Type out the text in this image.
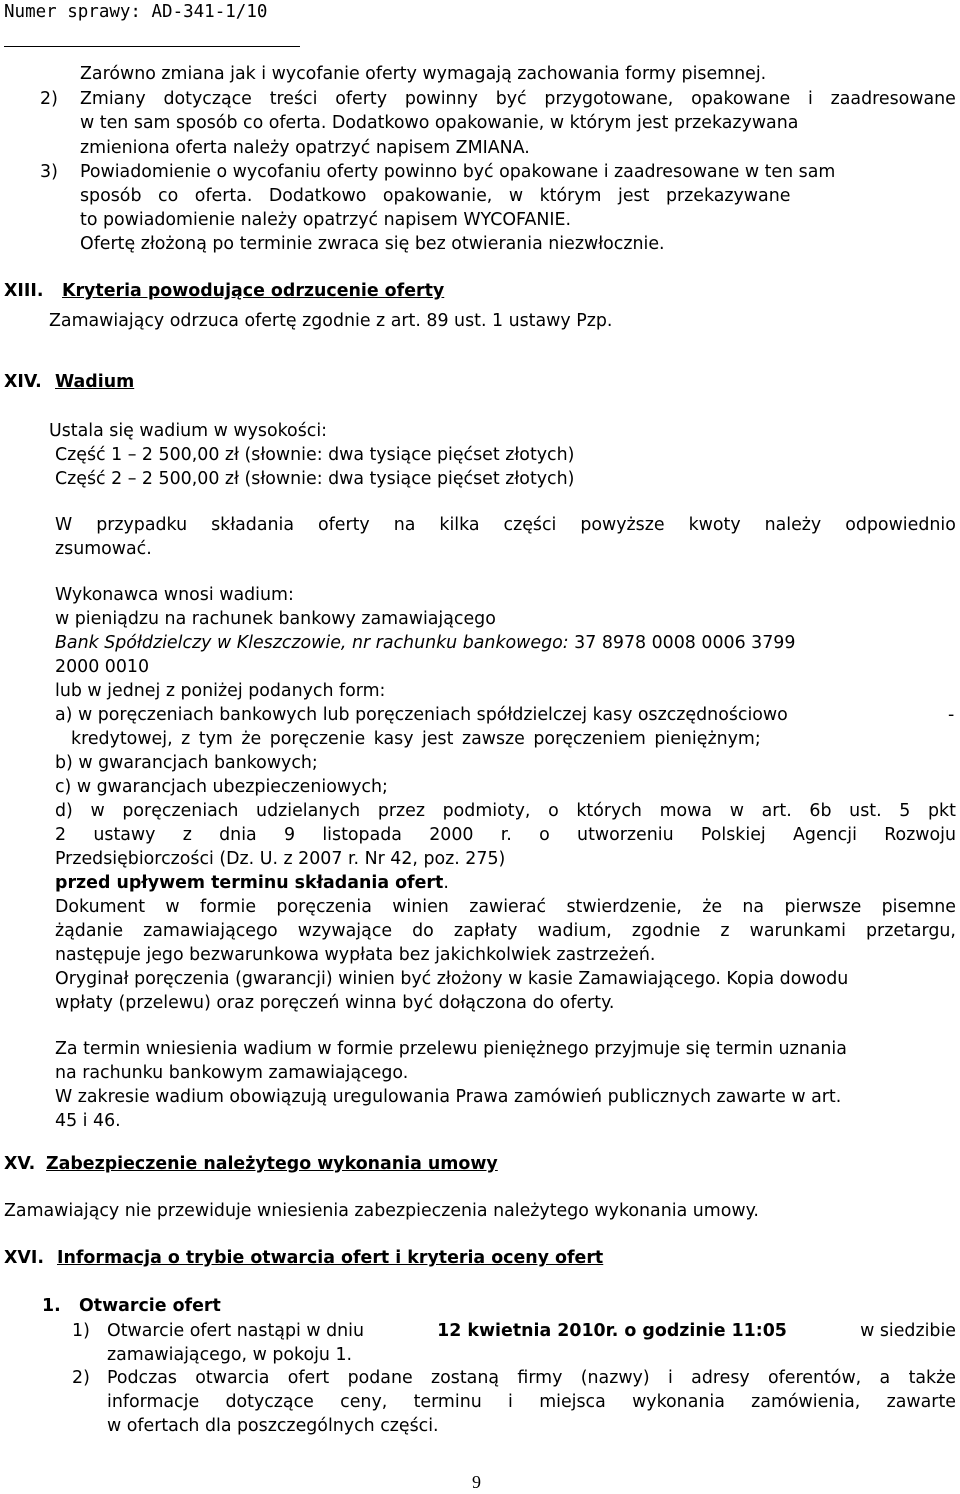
Numer sprawy: AD-341-1/10
Zarówno zmiana jak i wycofanie oferty wymagają zachowania formy pisemnej.
2) Zmiany dotyczące treści oferty powinny być przygotowane, opakowane i zaadresowane
w ten sam sposób co oferta. Dodatkowo opakowanie, w którym jest przekazywana
zmieniona oferta należy opatrzyć napisem ZMIANA.
3) Powiadomienie o wycofaniu oferty powinno być opakowane i zaadresowane w ten sam
sposób co oferta. Dodatkowo opakowanie, w którym jest przekazywane
to powiadomienie należy opatrzyć napisem WYCOFANIE.
Ofertę złożoną po terminie zwraca się bez otwierania niezwłocznie.
XIII. Kryteria powodujące odrzucenie oferty
Zamawiający odrzuca ofertę zgodnie z art. 89 ust. 1 ustawy Pzp.
XIV. Wadium
Ustala się wadium w wysokości:
Część 1 – 2 500,00 zł (słownie: dwa tysiące pięćset złotych)
Część 2 – 2 500,00 zł (słownie: dwa tysiące pięćset złotych)
W przypadku składania oferty na kilka części powyższe kwoty należy odpowiednio
zsumować.
Wykonawca wnosi wadium:
w pieniądzu na rachunek bankowy zamawiającego
Bank Spółdzielczy w Kleszczowie, nr rachunku bankowego: 37 8978 0008 0006 3799
2000 0010
lub w jednej z poniżej podanych form:
a) w poręczeniach bankowych lub poręczeniach spółdzielczej kasy oszczędnościowo	-
kredytowej, z tym że poręczenie kasy jest zawsze poręczeniem pieniężnym;
b) w gwarancjach bankowych;
c) w gwarancjach ubezpieczeniowych;
d) w poręczeniach udzielanych przez podmioty, o których mowa w art. 6b ust. 5 pkt
2 ustawy z dnia 9 listopada 2000 r. o utworzeniu Polskiej Agencji Rozwoju
Przedsiębiorczości (Dz. U. z 2007 r. Nr 42, poz. 275)
przed upływem terminu składania ofert.
Dokument w formie poręczenia winien zawierać stwierdzenie, że na pierwsze pisemne
żądanie zamawiającego wzywające do zapłaty wadium, zgodnie z warunkami przetargu,
następuje jego bezwarunkowa wypłata bez jakichkolwiek zastrzeżeń.
Oryginał poręczenia (gwarancji) winien być złożony w kasie Zamawiającego. Kopia dowodu
wpłaty (przelewu) oraz poręczeń winna być dołączona do oferty.
Za termin wniesienia wadium w formie przelewu pieniężnego przyjmuje się termin uznania
na rachunku bankowym zamawiającego.
W zakresie wadium obowiązują uregulowania Prawa zamówień publicznych zawarte w art.
45 i 46.
XV. Zabezpieczenie należytego wykonania umowy
Zamawiający nie przewiduje wniesienia zabezpieczenia należytego wykonania umowy.
XVI. Informacja o trybie otwarcia ofert i kryteria oceny ofert
1. Otwarcie ofert
1) Otwarcie ofert nastąpi w dniu	12 kwietnia 2010r. o godzinie 11:05	w siedzibie
zamawiającego, w pokoju 1.
2) Podczas otwarcia ofert podane zostaną firmy (nazwy) i adresy oferentów, a także
informacje dotyczące ceny, terminu i miejsca wykonania zamówienia, zawarte
w ofertach dla poszczególnych części.
9
